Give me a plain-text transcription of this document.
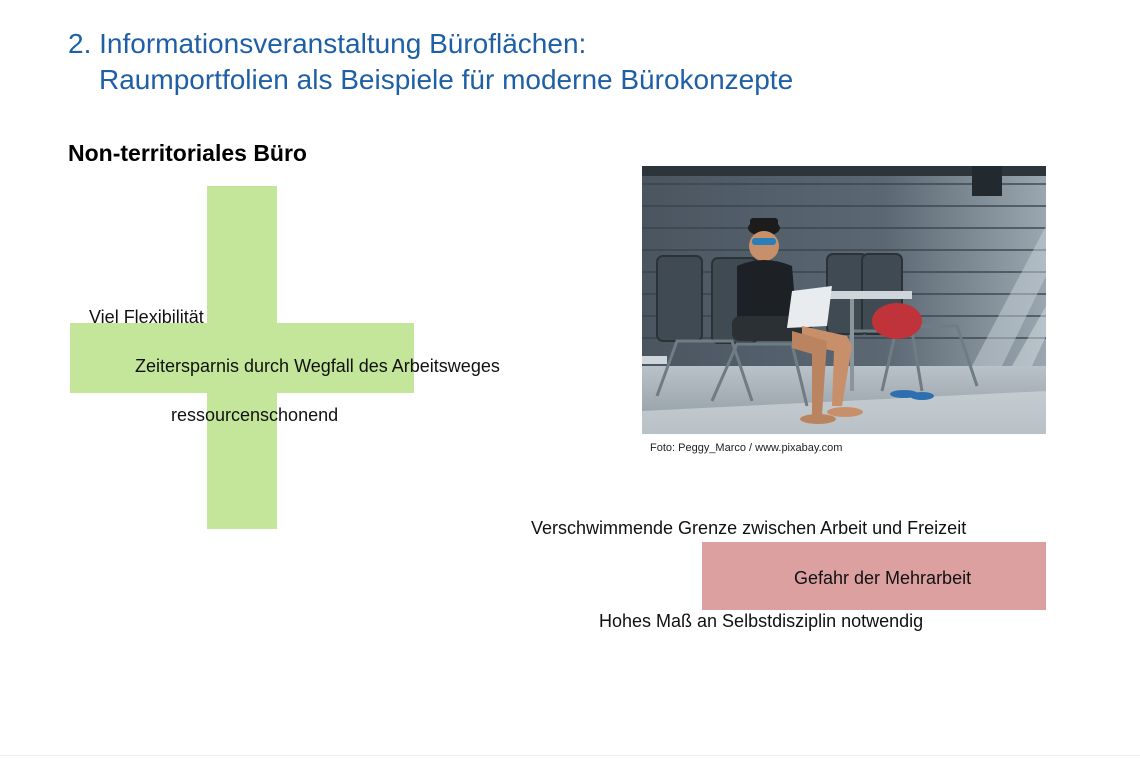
2. Informationsveranstaltung Büroflächen:
Raumportfolien als Beispiele für moderne Bürokonzepte
Non-territoriales Büro
Viel Flexibilität
Zeitersparnis durch Wegfall des Arbeitsweges
ressourcenschonend
Foto: Peggy_Marco / www.pixabay.com
Verschwimmende Grenze zwischen Arbeit und Freizeit
Gefahr der Mehrarbeit
Hohes Maß an Selbstdisziplin notwendig
